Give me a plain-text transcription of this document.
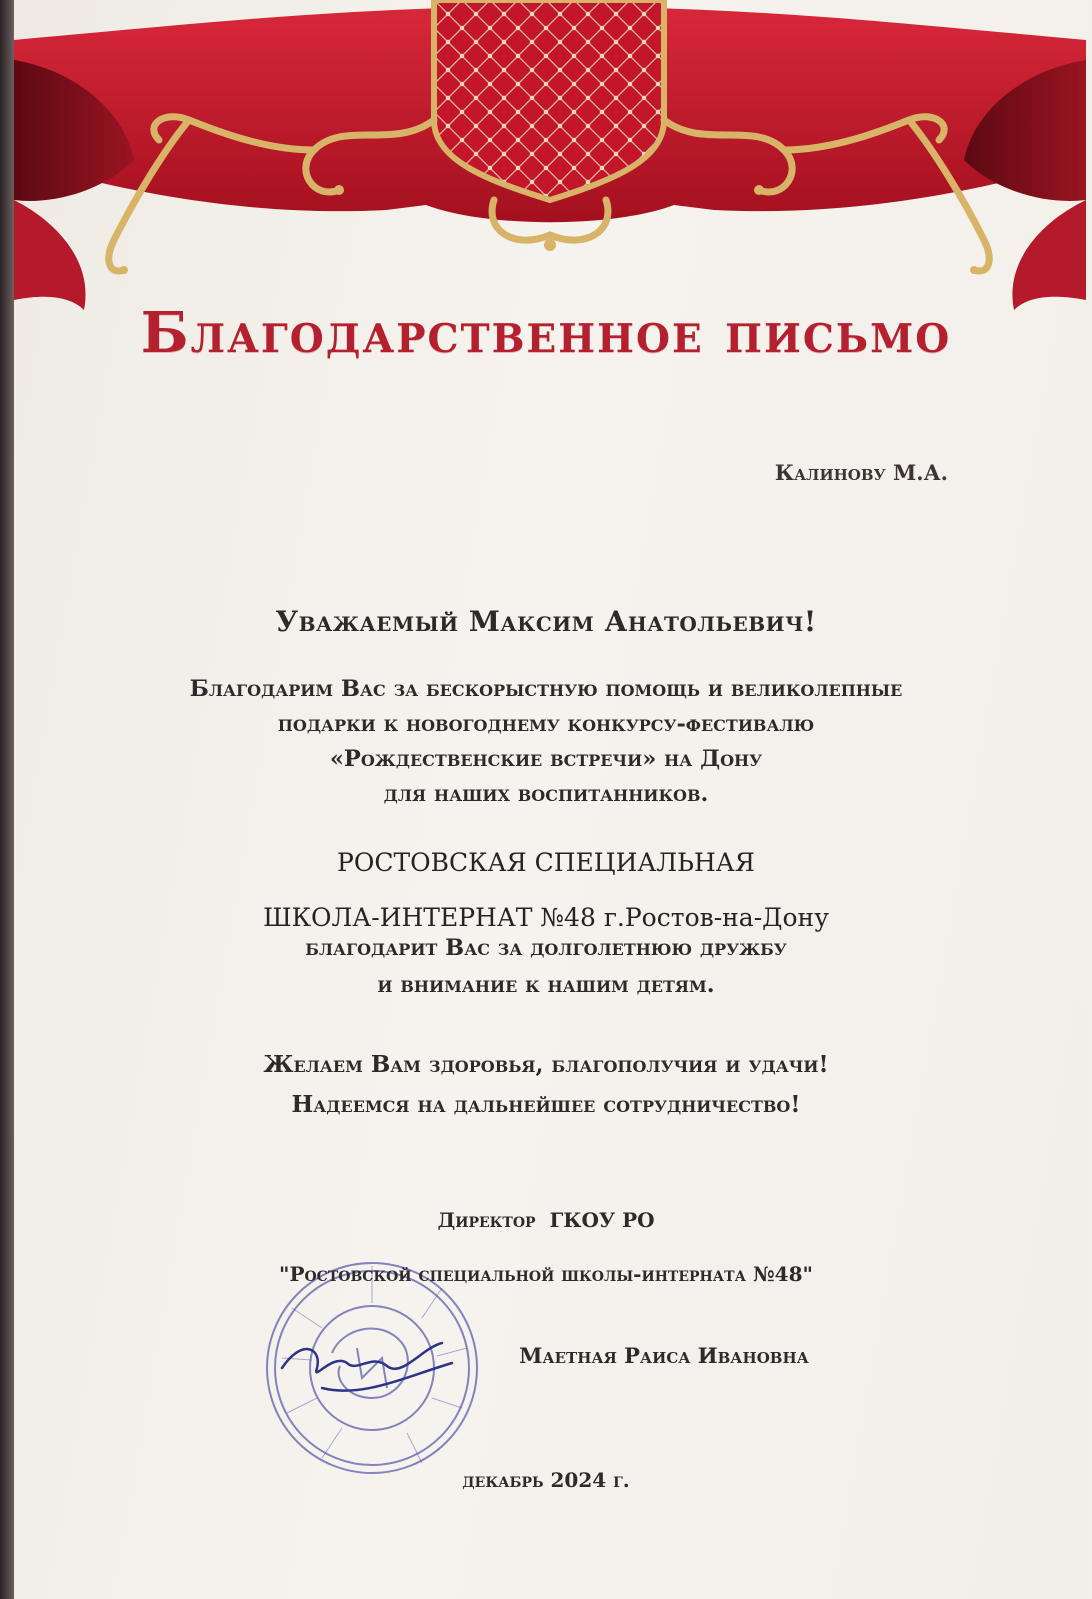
Благодарственное письмо
Калинову М.А.
Уважаемый Максим Анатольевич!
Благодарим Вас за бескорыстную помощь и великолепные
подарки к новогоднему конкурсу-фестивалю
«Рождественские встречи» на Дону
для наших воспитанников.
РОСТОВСКАЯ СПЕЦИАЛЬНАЯ
ШКОЛА-ИНТЕРНАТ №48 г.Ростов-на-Дону
благодарит Вас за долголетнюю дружбу
и внимание к нашим детям.
Желаем Вам здоровья, благополучия и удачи!
Надеемся на дальнейшее сотрудничество!
Директор  ГКОУ РО
"Ростовской специальной школы-интерната №48"
Маетная Раиса Ивановна
декабрь 2024 г.
